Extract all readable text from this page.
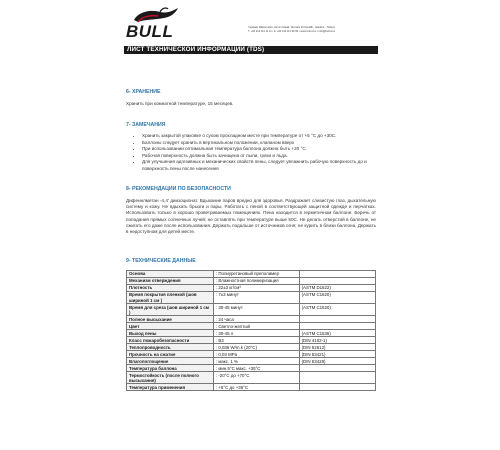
BULL	Yapıkapı Malzemeleri, Zemin Sokak, Numara 23 Kandilli - İstanbul - Türkiye
T. +90 212 111 11 11 • F. +90 212 111 99 99 • www.bull.com • info@bull.com
ЛИСТ ТЕХНИЧЕСКОЙ ИНФОРМАЦИИ (TDS)
6- ХРАНЕНИЕ
Хранить при комнатной температуре, 15 месяцев.
7- ЗАМЕЧАНИЯ
• Хранить закрытой упаковке о сухом прохладном месте при температуре от +5 °C до +30C.
• Баллоны следует хранить в вертикальном положении, клапаном вверх
• При использовании оптимальная температура баллона должна быть +20 °C.
• Рабочая поверхность должна быть зачищена от пыли, грязи и льда.
• Для улучшения адгезивных и механических свойств пены, следует увлажнить рабочую поверхность до и поверхность пены после нанесения
8- РЕКОМЕНДАЦИИ ПО БЕЗОПАСНОСТИ
Дифенилметан -4,4' диизоционат. Вдыхание паров вредно для здоровья. Раздражает слизистую глаз, дыхательную систему и кожу. Не вдыхать брызги и пары. Работать с пеной в соответствующей защитной одежде и перчатках. Использовать только в хорошо проветриваемых помещениях. Пена находится в герметичном баллоне. Беречь от попадания прямых солнечных лучей; не оставлять при температуре выше 50С. Не делать отверстий в баллоне, не сжигать его даже после использования. Держать подальше от источников огня; не курить в близи баллона. Держать в недоступном для детей месте.
9- ТЕХНИЧЕСКИЕ ДАННЫЕ
Основа	: Полиуретановый преполимер	
Механизм отверждения	: Влажностная полимеризация	
Плотность	: 22±3 кг/см³	(ASTM D1622)
Время покрытия пленкой (шов шириной 1 см )	: 7±3 минут	(ASTM C1620)
Время для среза (шов шириной 1 см )	: 30-45 минут	(ASTM C1620)
Полное высыхание	: 24 часа	
Цвет	: Светло-желтый	
Выход пены	: 30-45 л	(ASTM C1536)
Класс пожаробезопасности	: B3	(DIN 4102-1)
Теплопроводность	: 0,036 W/m.k (20°C)	(DIN 52612)
Прочность на сжатие	: 0,03 MPa	(DIN 53421)
Влагопоглощение	: макс. 1 %	(DIN 53428)
Температура баллона	: мин.5°C макс. +35°C	
Термостойкость (после полного высыхания)	: -20°C до +70°C	
Температура применения	: +5°C до +35°C	
